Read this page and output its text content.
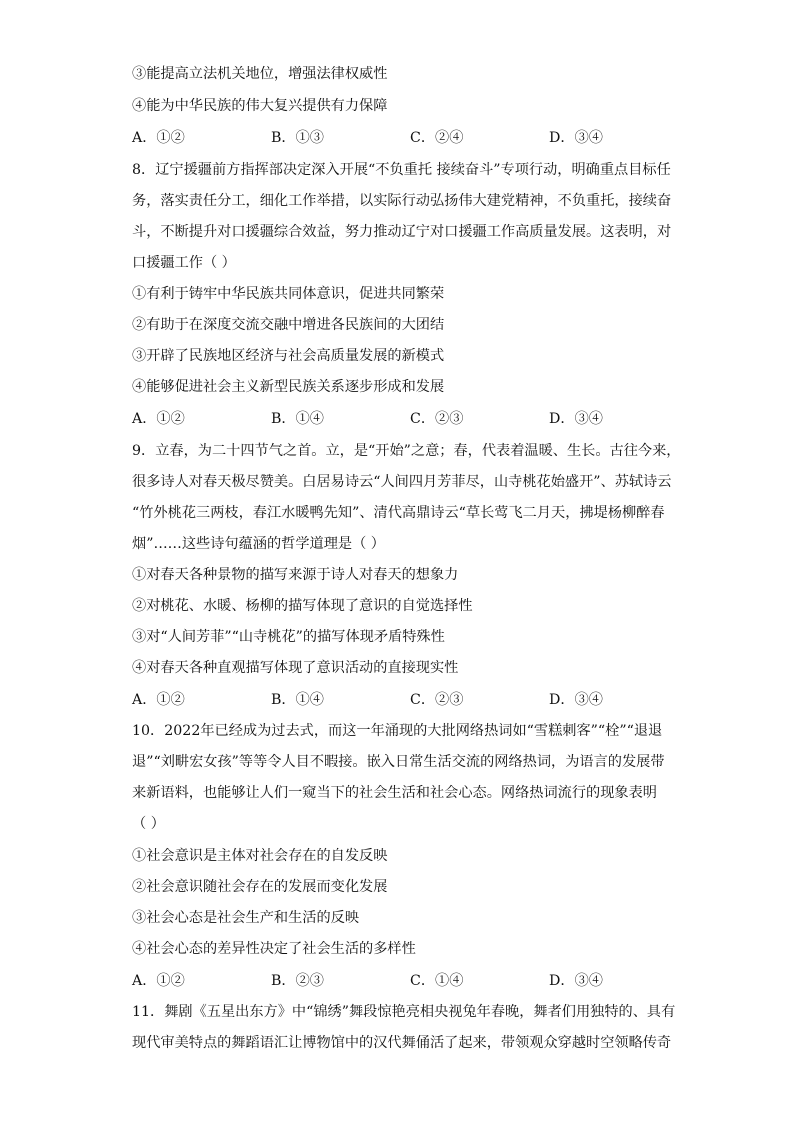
③能提高立法机关地位，增强法律权威性
④能为中华民族的伟大复兴提供有力保障
A．①②	B．①③	C．②④	D．③④
8．辽宁援疆前方指挥部决定深入开展“不负重托 接续奋斗”专项行动，明确重点目标任
务，落实责任分工，细化工作举措，以实际行动弘扬伟大建党精神，不负重托，接续奋
斗，不断提升对口援疆综合效益，努力推动辽宁对口援疆工作高质量发展。这表明，对
口援疆工作（ ）
①有利于铸牢中华民族共同体意识，促进共同繁荣
②有助于在深度交流交融中增进各民族间的大团结
③开辟了民族地区经济与社会高质量发展的新模式
④能够促进社会主义新型民族关系逐步形成和发展
A．①②	B．①④	C．②③	D．③④
9．立春，为二十四节气之首。立，是“开始”之意；春，代表着温暖、生长。古往今来，
很多诗人对春天极尽赞美。白居易诗云“人间四月芳菲尽，山寺桃花始盛开”、苏轼诗云
“竹外桃花三两枝，春江水暖鸭先知”、清代高鼎诗云“草长莺飞二月天，拂堤杨柳醉春
烟”……这些诗句蕴涵的哲学道理是（ ）
①对春天各种景物的描写来源于诗人对春天的想象力
②对桃花、水暖、杨柳的描写体现了意识的自觉选择性
③对“人间芳菲”“山寺桃花”的描写体现矛盾特殊性
④对春天各种直观描写体现了意识活动的直接现实性
A．①②	B．①④	C．②③	D．③④
10．2022年已经成为过去式，而这一年涌现的大批网络热词如“雪糕刺客”“栓”“退退
退”“刘畊宏女孩”等等令人目不暇接。嵌入日常生活交流的网络热词，为语言的发展带
来新语料，也能够让人们一窥当下的社会生活和社会心态。网络热词流行的现象表明
（ ）
①社会意识是主体对社会存在的自发反映
②社会意识随社会存在的发展而变化发展
③社会心态是社会生产和生活的反映
④社会心态的差异性决定了社会生活的多样性
A．①②	B．②③	C．①④	D．③④
11．舞剧《五星出东方》中“锦绣”舞段惊艳亮相央视兔年春晚，舞者们用独特的、具有
现代审美特点的舞蹈语汇让博物馆中的汉代舞俑活了起来，带领观众穿越时空领略传奇
